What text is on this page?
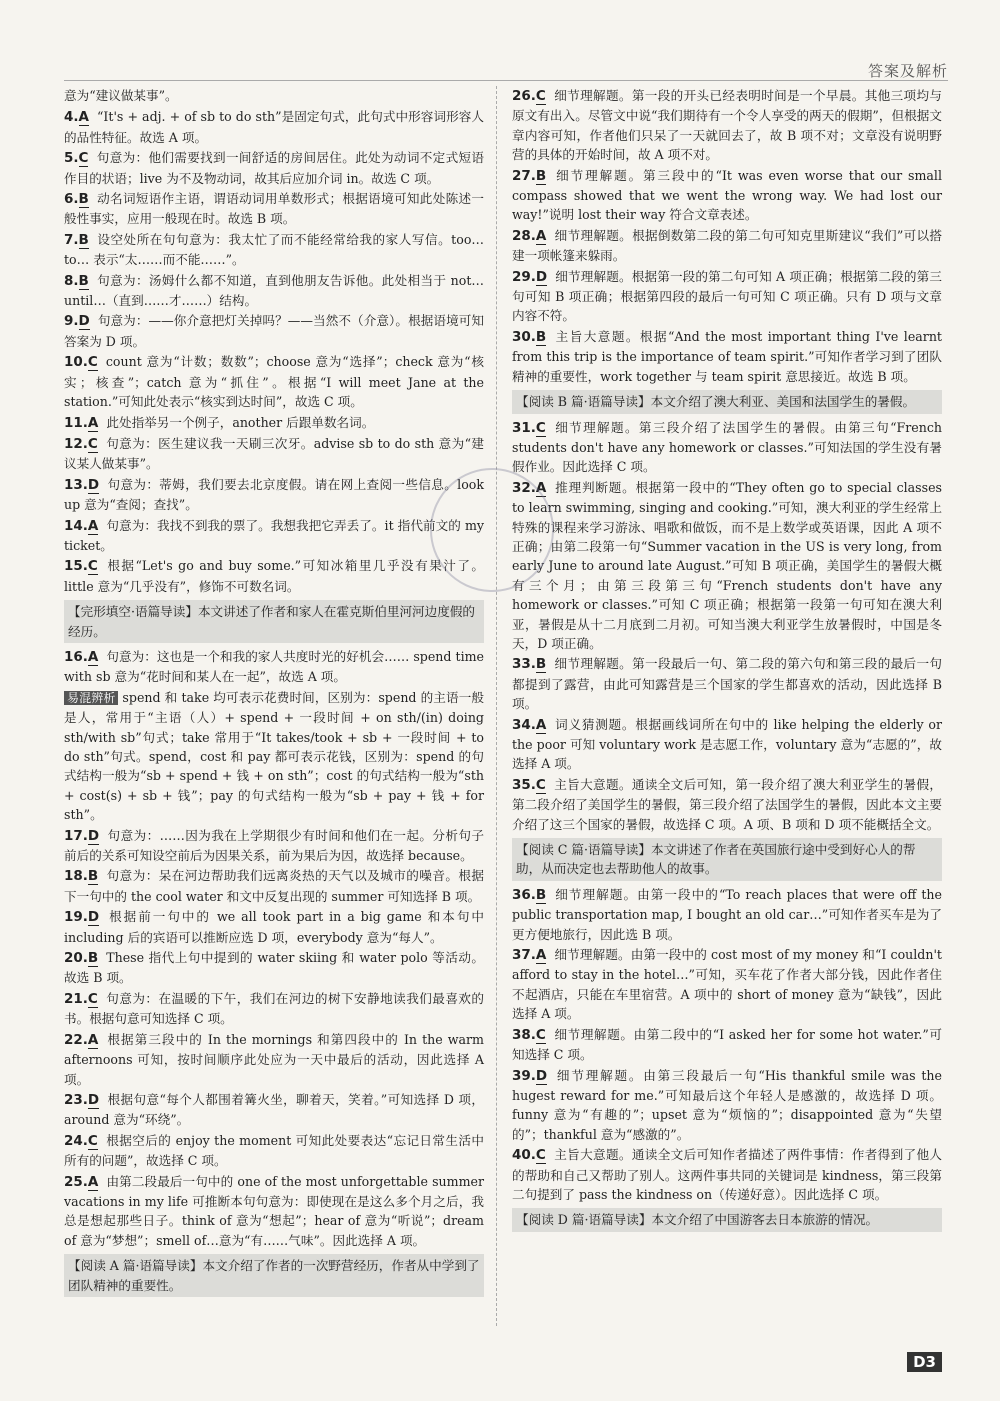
答案及解析
意为“建议做某事”。
4.A “It's + adj. + of sb to do sth”是固定句式，此句式中形容词形容人的品性特征。故选 A 项。
5.C 句意为：他们需要找到一间舒适的房间居住。此处为动词不定式短语作目的状语；live 为不及物动词，故其后应加介词 in。故选 C 项。
6.B 动名词短语作主语，谓语动词用单数形式；根据语境可知此处陈述一般性事实，应用一般现在时。故选 B 项。
7.B 设空处所在句句意为：我太忙了而不能经常给我的家人写信。too… to… 表示“太……而不能……”。
8.B 句意为：汤姆什么都不知道，直到他朋友告诉他。此处相当于 not… until…（直到……才……）结构。
9.D 句意为：——你介意把灯关掉吗？——当然不（介意）。根据语境可知答案为 D 项。
10.C count 意为“计数；数数”；choose 意为“选择”；check 意为“核实；核查”；catch 意为“抓住”。根据“I will meet Jane at the station.”可知此处表示“核实到达时间”，故选 C 项。
11.A 此处指举另一个例子，another 后跟单数名词。
12.C 句意为：医生建议我一天刷三次牙。advise sb to do sth 意为“建议某人做某事”。
13.D 句意为：蒂姆，我们要去北京度假。请在网上查阅一些信息。look up 意为“查阅；查找”。
14.A 句意为：我找不到我的票了。我想我把它弄丢了。it 指代前文的 my ticket。
15.C 根据“Let's go and buy some.”可知冰箱里几乎没有果汁了。little 意为“几乎没有”，修饰不可数名词。
【完形填空·语篇导读】本文讲述了作者和家人在霍克斯伯里河河边度假的经历。
16.A 句意为：这也是一个和我的家人共度时光的好机会…… spend time with sb 意为“花时间和某人在一起”，故选 A 项。
易混辨析 spend 和 take 均可表示花费时间，区别为：spend 的主语一般是人，常用于“主语（人）+ spend + 一段时间 + on sth/(in) doing sth/with sb”句式；take 常用于“It takes/took + sb + 一段时间 + to do sth”句式。spend，cost 和 pay 都可表示花钱，区别为：spend 的句式结构一般为“sb + spend + 钱 + on sth”；cost 的句式结构一般为“sth + cost(s) + sb + 钱”；pay 的句式结构一般为“sb + pay + 钱 + for sth”。
17.D 句意为：……因为我在上学期很少有时间和他们在一起。分析句子前后的关系可知设空前后为因果关系，前为果后为因，故选择 because。
18.B 句意为：呆在河边帮助我们远离炎热的天气以及城市的噪音。根据下一句中的 the cool water 和文中反复出现的 summer 可知选择 B 项。
19.D 根据前一句中的 we all took part in a big game 和本句中 including 后的宾语可以推断应选 D 项，everybody 意为“每人”。
20.B These 指代上句中提到的 water skiing 和 water polo 等活动。故选 B 项。
21.C 句意为：在温暖的下午，我们在河边的树下安静地读我们最喜欢的书。根据句意可知选择 C 项。
22.A 根据第三段中的 In the mornings 和第四段中的 In the warm afternoons 可知，按时间顺序此处应为一天中最后的活动，因此选择 A 项。
23.D 根据句意“每个人都围着篝火坐，聊着天，笑着。”可知选择 D 项，around 意为“环绕”。
24.C 根据空后的 enjoy the moment 可知此处要表达“忘记日常生活中所有的问题”，故选择 C 项。
25.A 由第二段最后一句中的 one of the most unforgettable summer vacations in my life 可推断本句句意为：即使现在是这么多个月之后，我总是想起那些日子。think of 意为“想起”；hear of 意为“听说”；dream of 意为“梦想”；smell of…意为“有……气味”。因此选择 A 项。
【阅读 A 篇·语篇导读】本文介绍了作者的一次野营经历，作者从中学到了团队精神的重要性。
26.C 细节理解题。第一段的开头已经表明时间是一个早晨。其他三项均与原文有出入。尽管文中说“我们期待有一个令人享受的两天的假期”，但根据文章内容可知，作者他们只呆了一天就回去了，故 B 项不对；文章没有说明野营的具体的开始时间，故 A 项不对。
27.B 细节理解题。第三段中的“It was even worse that our small compass showed that we went the wrong way. We had lost our way!”说明 lost their way 符合文章表述。
28.A 细节理解题。根据倒数第二段的第二句可知克里斯建议“我们”可以搭建一项帐篷来躲雨。
29.D 细节理解题。根据第一段的第二句可知 A 项正确；根据第二段的第三句可知 B 项正确；根据第四段的最后一句可知 C 项正确。只有 D 项与文章内容不符。
30.B 主旨大意题。根据“And the most important thing I've learnt from this trip is the importance of team spirit.”可知作者学习到了团队精神的重要性，work together 与 team spirit 意思接近。故选 B 项。
【阅读 B 篇·语篇导读】本文介绍了澳大利亚、美国和法国学生的暑假。
31.C 细节理解题。第三段介绍了法国学生的暑假。由第三句“French students don't have any homework or classes.”可知法国的学生没有暑假作业。因此选择 C 项。
32.A 推理判断题。根据第一段中的“They often go to special classes to learn swimming, singing and cooking.”可知，澳大利亚的学生经常上特殊的课程来学习游泳、唱歌和做饭，而不是上数学或英语课，因此 A 项不正确；由第二段第一句“Summer vacation in the US is very long, from early June to around late August.”可知 B 项正确，美国学生的暑假大概有三个月；由第三段第三句“French students don't have any homework or classes.”可知 C 项正确；根据第一段第一句可知在澳大利亚，暑假是从十二月底到二月初。可知当澳大利亚学生放暑假时，中国是冬天，D 项正确。
33.B 细节理解题。第一段最后一句、第二段的第六句和第三段的最后一句都提到了露营，由此可知露营是三个国家的学生都喜欢的活动，因此选择 B 项。
34.A 词义猜测题。根据画线词所在句中的 like helping the elderly or the poor 可知 voluntary work 是志愿工作，voluntary 意为“志愿的”，故选择 A 项。
35.C 主旨大意题。通读全文后可知，第一段介绍了澳大利亚学生的暑假，第二段介绍了美国学生的暑假，第三段介绍了法国学生的暑假，因此本文主要介绍了这三个国家的暑假，故选择 C 项。A 项、B 项和 D 项不能概括全文。
【阅读 C 篇·语篇导读】本文讲述了作者在英国旅行途中受到好心人的帮助，从而决定也去帮助他人的故事。
36.B 细节理解题。由第一段中的“To reach places that were off the public transportation map, I bought an old car…”可知作者买车是为了更方便地旅行，因此选 B 项。
37.A 细节理解题。由第一段中的 cost most of my money 和“I couldn't afford to stay in the hotel…”可知，买车花了作者大部分钱，因此作者住不起酒店，只能在车里宿营。A 项中的 short of money 意为“缺钱”，因此选择 A 项。
38.C 细节理解题。由第二段中的“I asked her for some hot water.”可知选择 C 项。
39.D 细节理解题。由第三段最后一句“His thankful smile was the hugest reward for me.”可知最后这个年轻人是感激的，故选择 D 项。funny 意为“有趣的”；upset 意为“烦恼的”；disappointed 意为“失望的”；thankful 意为“感激的”。
40.C 主旨大意题。通读全文后可知作者描述了两件事情：作者得到了他人的帮助和自己又帮助了别人。这两件事共同的关键词是 kindness，第三段第二句提到了 pass the kindness on（传递好意）。因此选择 C 项。
【阅读 D 篇·语篇导读】本文介绍了中国游客去日本旅游的情况。
D3
